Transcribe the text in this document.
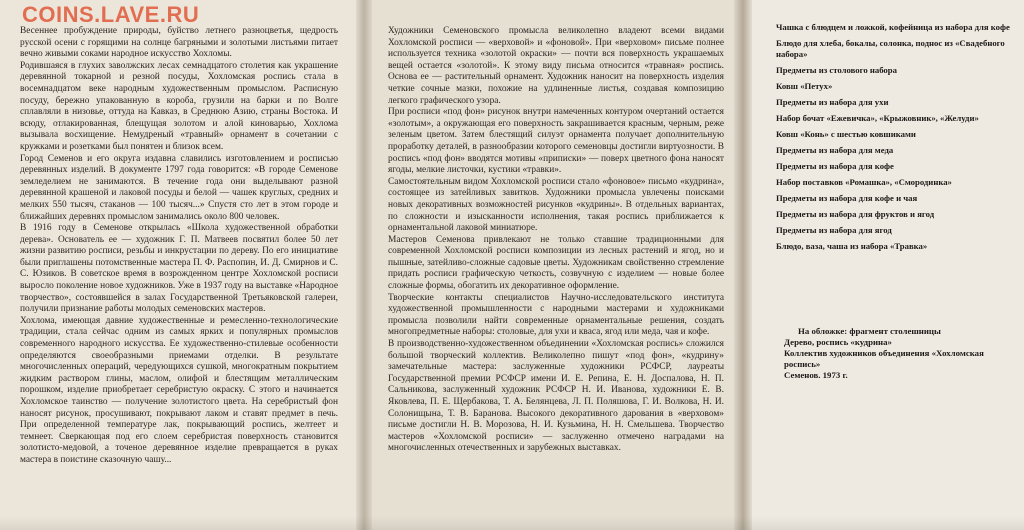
Весеннее пробуждение природы, буйство летнего разноцветья, щедрость русской осени с горящими на солнце багряными и золотыми листьями питает вечно живыми соками народное искусство Хохломы.

Родившаяся в глухих заволжских лесах семнадцатого столетия как украшение деревянной токарной и резной посуды, Хохломская роспись стала в восемнадцатом веке народным художественным промыслом. Расписную посуду, бережно упакованную в короба, грузили на барки и по Волге сплавляли в низовье, оттуда на Кавказ, в Среднюю Азию, страны Востока. И всюду, отлакированная, блещущая золотом и алой киноварью, Хохлома вызывала восхищение. Немудреный «травный» орнамент в сочетании с кружками и розетками был понятен и близок всем.

Город Семенов и его округа издавна славились изготовлением и росписью деревянных изделий. В документе 1797 года говорится: «В городе Семенове земледелием не занимаются. В течение года они выделывают разной деревянной крашеной и лаковой посуды и белой — чашек круглых, средних и мелких 550 тысяч, стаканов — 100 тысяч...» Спустя сто лет в этом городе и ближайших деревнях промыслом занимались около 800 человек.

В 1916 году в Семенове открылась «Школа художественной обработки дерева». Основатель ее — художник Г. П. Матвеев посвятил более 50 лет жизни развитию росписи, резьбы и инкрустации по дереву. По его инициативе были приглашены потомственные мастера П. Ф. Распопин, И. Д. Смирнов и С. С. Юзиков. В советское время в возрожденном центре Хохломской росписи выросло поколение новое художников. Уже в 1937 году на выставке «Народное творчество», состоявшейся в залах Государственной Третьяковской галереи, получили признание работы молодых семеновских мастеров.

Хохлома, имеющая давние художественные и ремесленно-технологические традиции, стала сейчас одним из самых ярких и популярных промыслов современного народного искусства. Ее художественно-стилевые особенности определяются своеобразными приемами отделки. В результате многочисленных операций, чередующихся сушкой, многократным покрытием жидким раствором глины, маслом, олифой и блестящим металлическим порошком, изделие приобретает серебристую окраску. С этого и начинается Хохломское таинство — получение золотистого цвета. На серебристый фон наносят рисунок, просушивают, покрывают лаком и ставят предмет в печь. При определенной температуре лак, покрывающий роспись, желтеет и темнеет. Сверкающая под его слоем серебристая поверхность становится золотисто-медовой, а точеное деревянное изделие превращается в руках мастера в поистине сказочную чашу...

Художники Семеновского промысла великолепно владеют всеми видами Хохломской росписи — «верховой» и «фоновой». При «верховом» письме полнее используется техника «золотой окраски» — почти вся поверхность украшаемых вещей остается «золотой». К этому виду письма относится «травная» роспись. Основа ее — растительный орнамент. Художник наносит на поверхность изделия четкие сочные мазки, похожие на удлиненные листья, создавая композицию легкого графического узора.

При росписи «под фон» рисунок внутри намеченных контуром очертаний остается «золотым», а окружающая его поверхность закрашивается красным, черным, реже зеленым цветом. Затем блестящий силуэт орнамента получает дополнительную проработку деталей, в разнообразии которого семеновцы достигли виртуозности. В роспись «под фон» вводятся мотивы «приписки» — поверх цветного фона наносят ягоды, мелкие листочки, кустики «травки».

Самостоятельным видом Хохломской росписи стало «фоновое» письмо «кудрина», состоящее из затейливых завитков. Художники промысла увлечены поисками новых декоративных возможностей рисунков «кудрины». В отдельных вариантах, по сложности и изысканности исполнения, такая роспись приближается к орнаментальной лаковой миниатюре.

Мастеров Семенова привлекают не только ставшие традиционными для современной Хохломской росписи композиции из лесных растений и ягод, но и пышные, затейливо-сложные садовые цветы. Художникам свойственно стремление придать росписи графическую четкость, созвучную с изделием — новые более сложные формы, обогатить их декоративное оформление.

Творческие контакты специалистов Научно-исследовательского института художественной промышленности с народными мастерами и художниками промысла позволили найти современные орнаментальные решения, создать многопредметные наборы: столовые, для ухи и кваса, ягод или меда, чая и кофе.

В производственно-художественном объединении «Хохломская роспись» сложился большой творческий коллектив. Великолепно пишут «под фон», «кудрину» замечательные мастера: заслуженные художники РСФСР, лауреаты Государственной премии РСФСР имени И. Е. Репина, Е. Н. Доспалова, Н. П. Сальникова, заслуженный художник РСФСР Н. И. Иванова, художники Е. В. Яковлева, П. Е. Щербакова, Т. А. Белянцева, Л. П. Поляшова, Г. И. Волкова, Н. И. Солонищына, Т. В. Баранова. Высокого декоративного дарования в «верховом» письме достигли Н. В. Морозова, Н. И. Кузьмина, Н. Н. Смельшева. Творчество мастеров «Хохломской росписи» — заслуженно отмечено наградами на многочисленных отечественных и зарубежных выставках.

Чашка с блюдцем и ложкой, кофейница из набора для кофе
Блюдо для хлеба, бокалы, солонка, поднос из «Свадебного набора»
Предметы из столового набора
Ковш «Петух»
Предметы из набора для ухи
Набор бочат «Ежевичка», «Крыжовник», «Желуди»
Ковш «Конь» с шестью ковшиками
Предметы из набора для меда
Предметы из набора для кофе
Набор поставков «Ромашка», «Смородинка»
Предметы из набора для кофе и чая
Предметы из набора для фруктов и ягод
Предметы из набора для ягод
Блюдо, ваза, чаша из набора «Травка»
На обложке: фрагмент столешницы
Дерево, роспись «кудрина»
Коллектив художников объединения «Хохломская роспись»
Семенов. 1973 г.
COINS.LAVE.RU
